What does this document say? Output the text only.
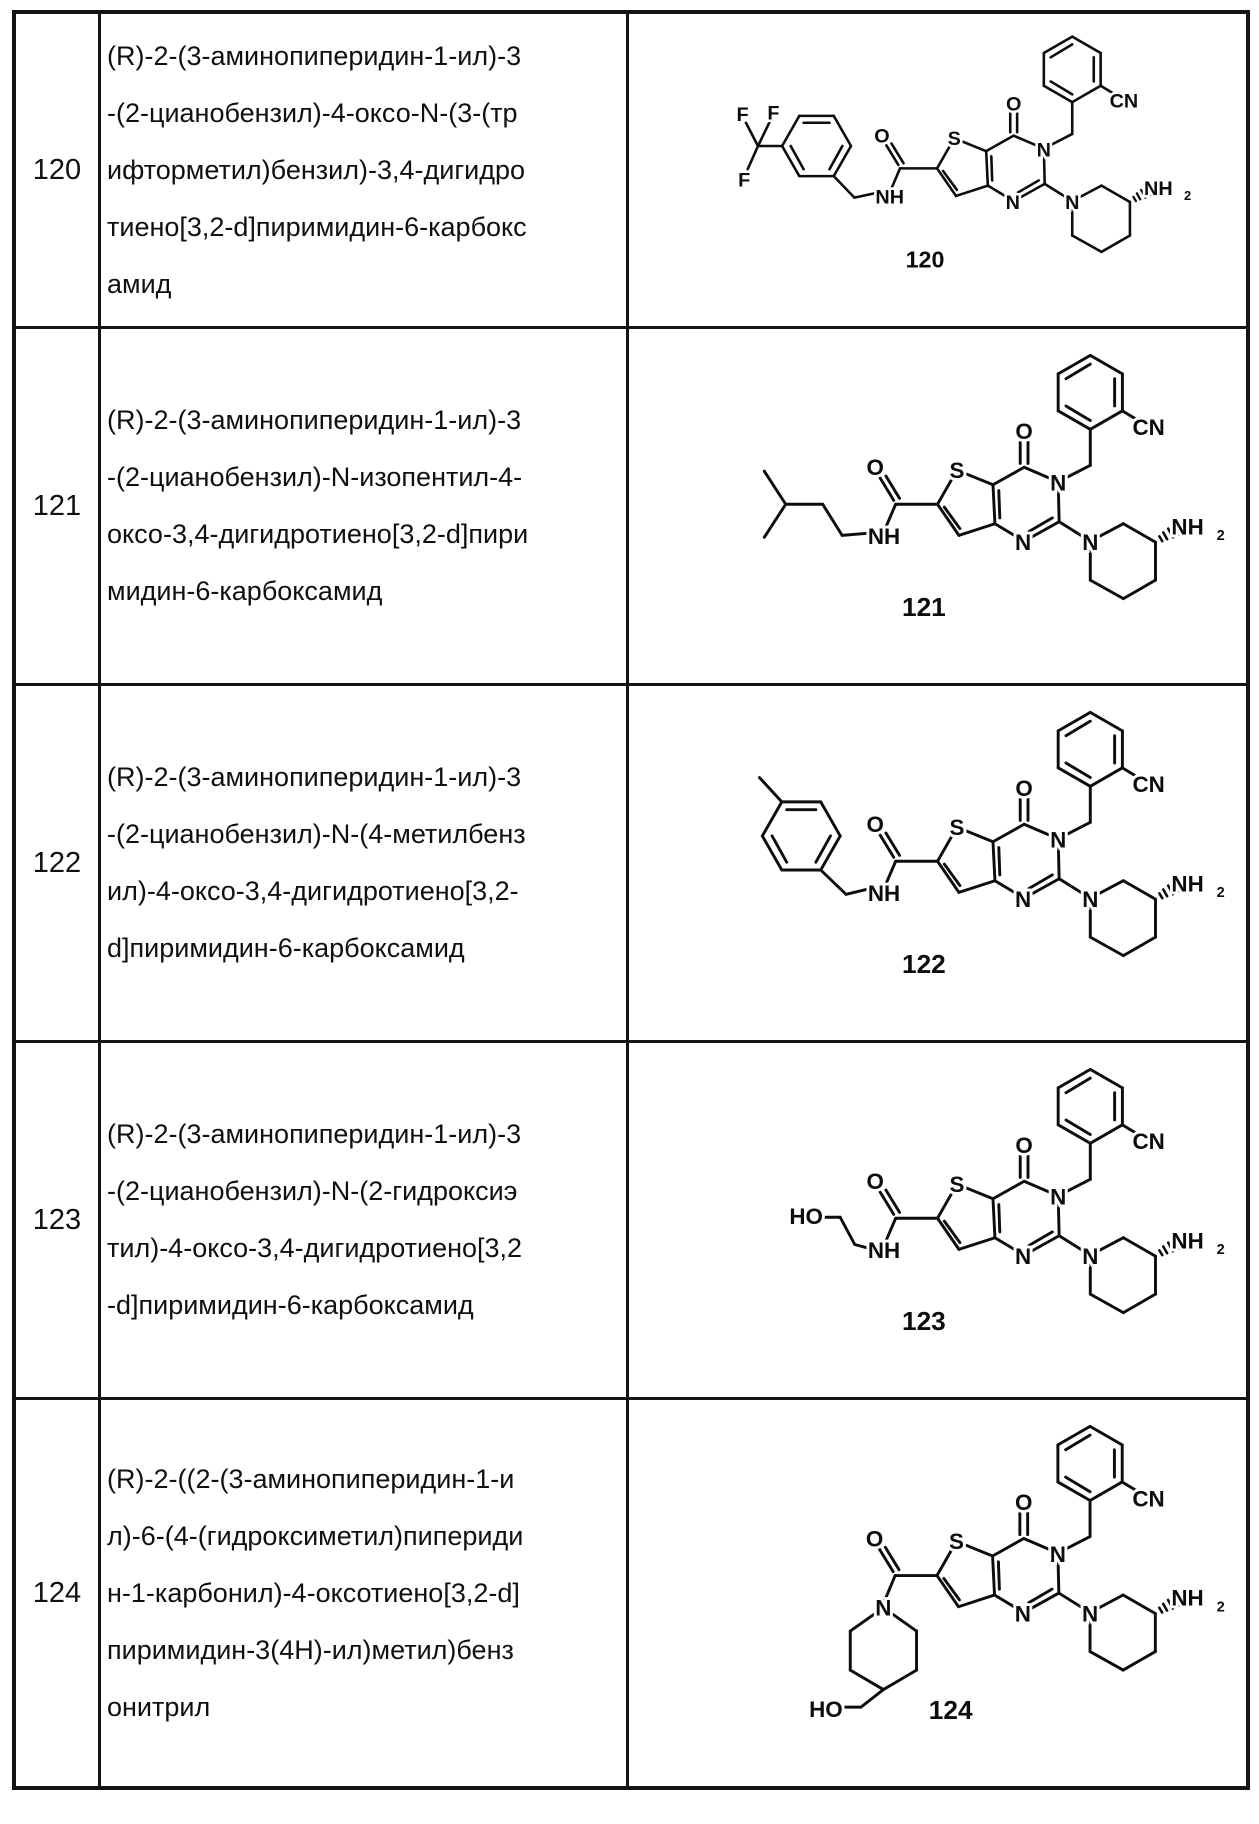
120
(R)-2-(3-аминопиперидин-1-ил)-3
-(2-цианобензил)-4-оксо-N-(3-(тр
ифторметил)бензил)-3,4-дигидро
тиено[3,2-d]пиримидин-6-карбокс
амид
NH
F F
F
120
121
(R)-2-(3-аминопиперидин-1-ил)-3
-(2-цианобензил)-N-изопентил-4-
оксо-3,4-дигидротиено[3,2-d]пири
мидин-6-карбоксамид
NH
121
122
(R)-2-(3-аминопиперидин-1-ил)-3
-(2-цианобензил)-N-(4-метилбенз
ил)-4-оксо-3,4-дигидротиено[3,2-
d]пиримидин-6-карбоксамид
NH
122
123
(R)-2-(3-аминопиперидин-1-ил)-3
-(2-цианобензил)-N-(2-гидроксиэ
тил)-4-оксо-3,4-дигидротиено[3,2
-d]пиримидин-6-карбоксамид
NH
HO
123
124
(R)-2-((2-(3-аминопиперидин-1-и
л)-6-(4-(гидроксиметил)пипериди
н-1-карбонил)-4-оксотиено[3,2-d]
пиримидин-3(4H)-ил)метил)бенз
онитрил
N
HO	124
